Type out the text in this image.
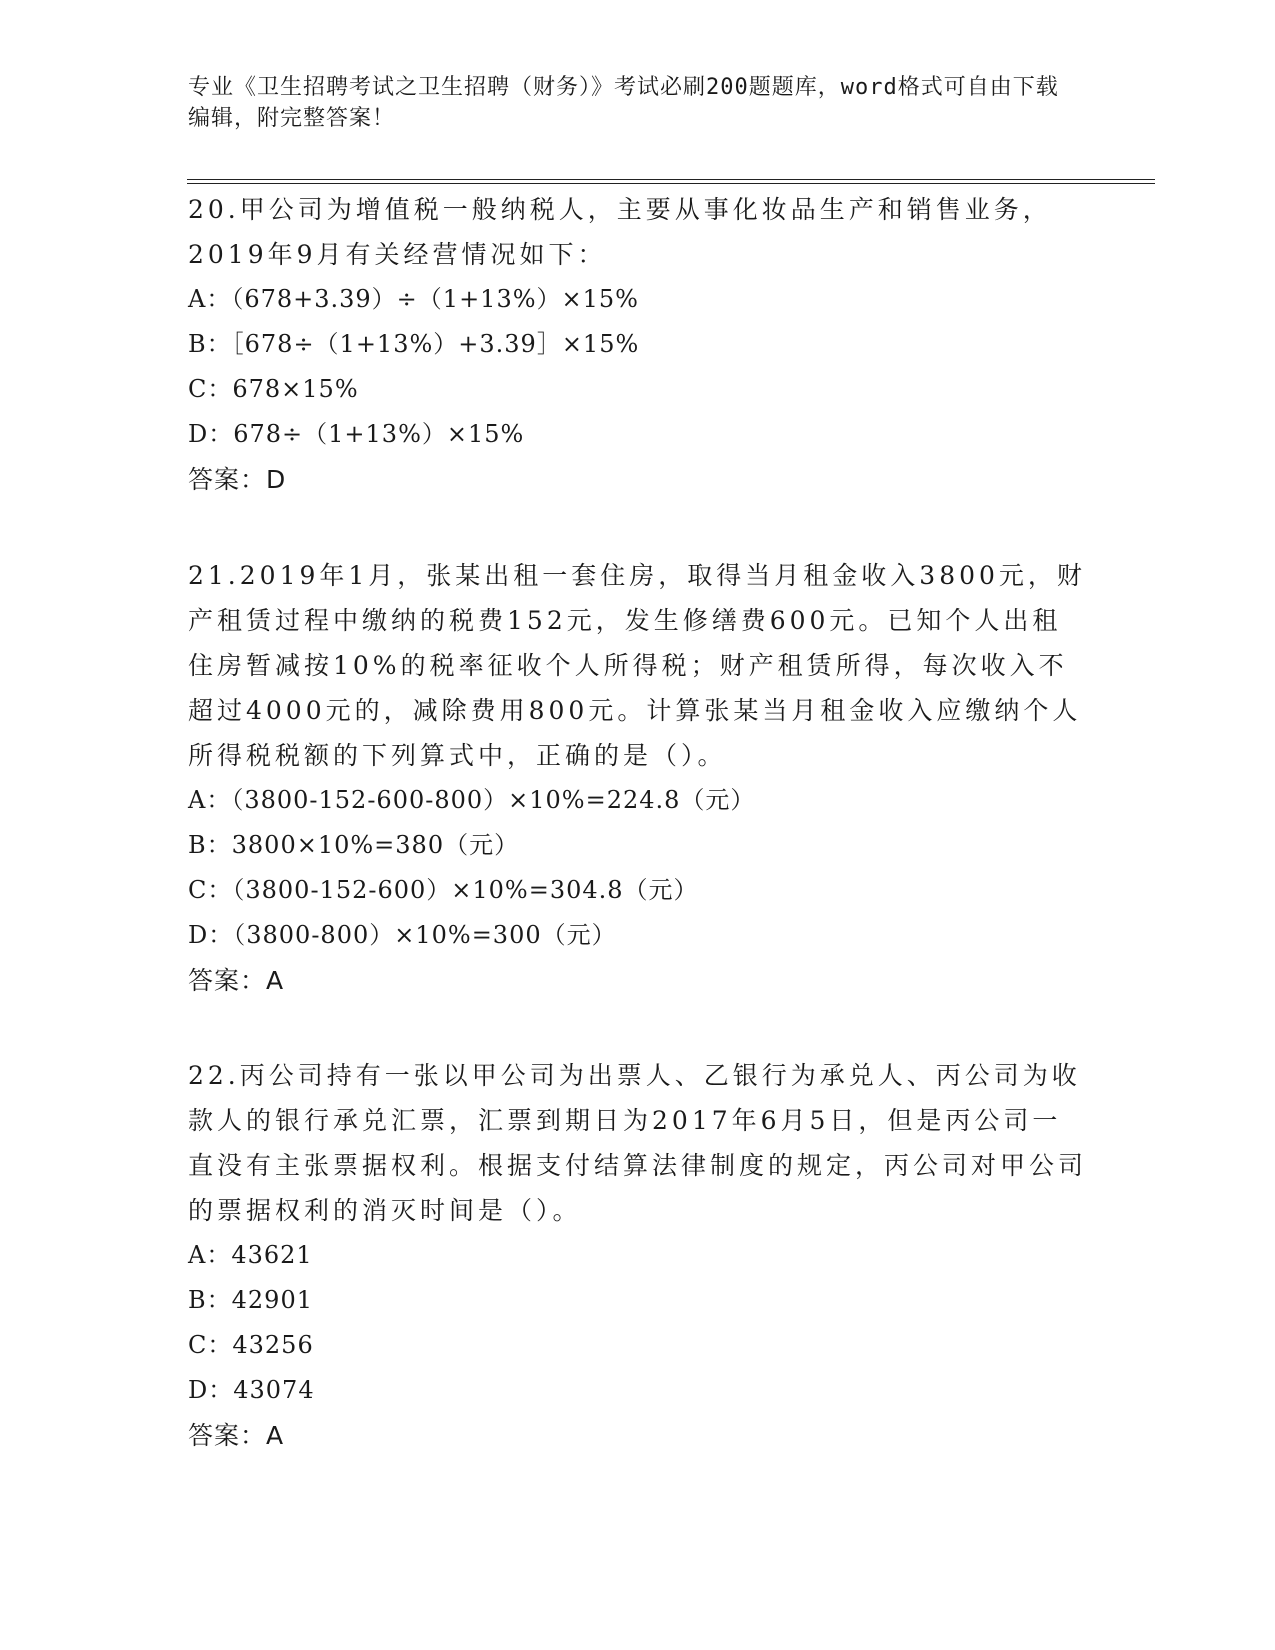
专业《卫生招聘考试之卫生招聘（财务）》考试必刷200题题库，word格式可自由下载编辑，附完整答案！

20.甲公司为增值税一般纳税人，主要从事化妆品生产和销售业务，2019年9月有关经营情况如下：

A：（678+3.39）÷（1+13%）×15%

B：［678÷（1+13%）+3.39］×15%

C：678×15%

D：678÷（1+13%）×15%

答案：D

21.2019年1月，张某出租一套住房，取得当月租金收入3800元，财产租赁过程中缴纳的税费152元，发生修缮费600元。已知个人出租住房暂减按10%的税率征收个人所得税；财产租赁所得，每次收入不超过4000元的，减除费用800元。计算张某当月租金收入应缴纳个人所得税税额的下列算式中，正确的是（）。

A：（3800-152-600-800）×10%=224.8（元）

B：3800×10%=380（元）

C：（3800-152-600）×10%=304.8（元）

D：（3800-800）×10%=300（元）

答案：A

22.丙公司持有一张以甲公司为出票人、乙银行为承兑人、丙公司为收款人的银行承兑汇票，汇票到期日为2017年6月5日，但是丙公司一直没有主张票据权利。根据支付结算法律制度的规定，丙公司对甲公司的票据权利的消灭时间是（）。

A：43621

B：42901

C：43256

D：43074

答案：A
